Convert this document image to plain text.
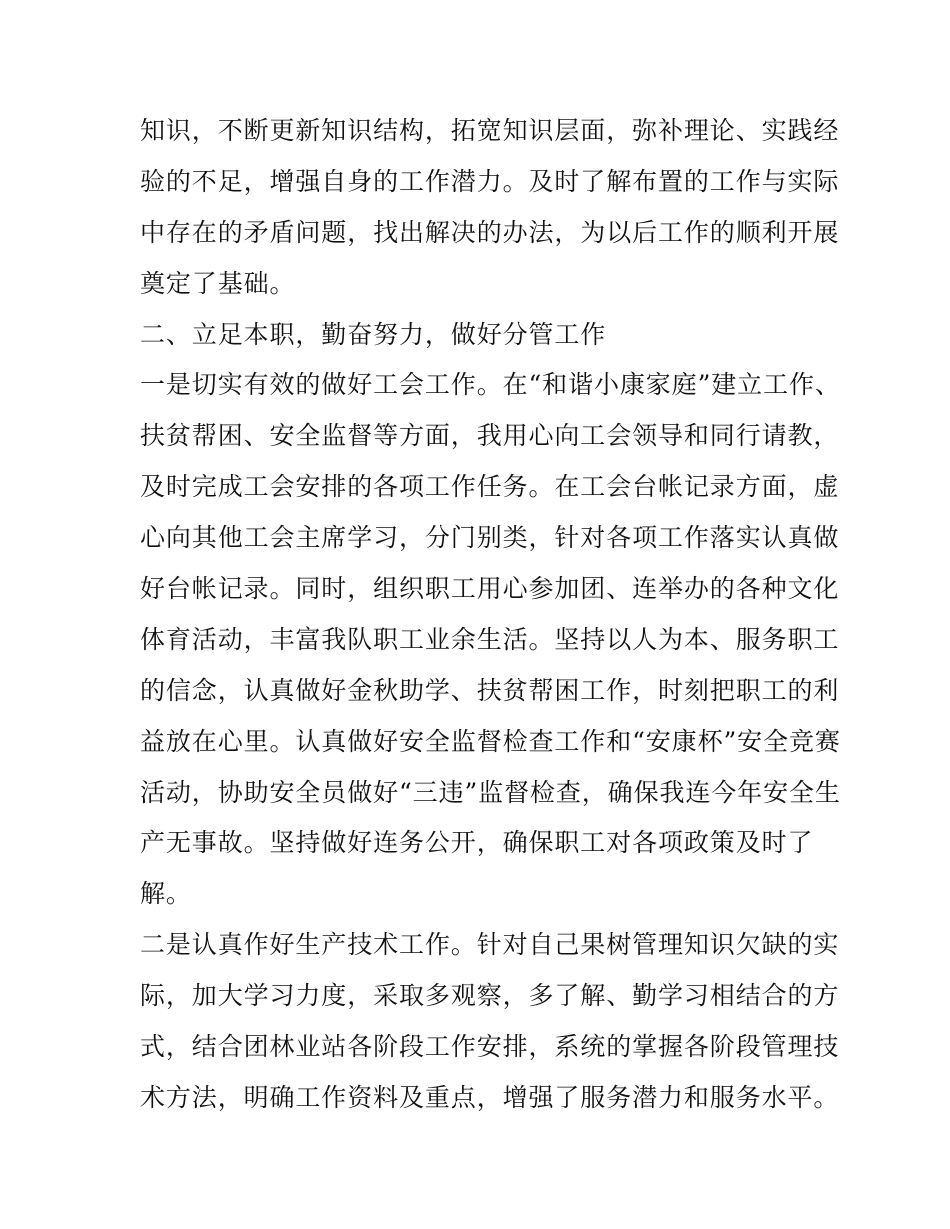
知识，不断更新知识结构，拓宽知识层面，弥补理论、实践经
验的不足，增强自身的工作潜力。及时了解布置的工作与实际
中存在的矛盾问题，找出解决的办法，为以后工作的顺利开展
奠定了基础。
二、立足本职，勤奋努力，做好分管工作
一是切实有效的做好工会工作。在“和谐小康家庭”建立工作、
扶贫帮困、安全监督等方面，我用心向工会领导和同行请教，
及时完成工会安排的各项工作任务。在工会台帐记录方面，虚
心向其他工会主席学习，分门别类，针对各项工作落实认真做
好台帐记录。同时，组织职工用心参加团、连举办的各种文化
体育活动，丰富我队职工业余生活。坚持以人为本、服务职工
的信念，认真做好金秋助学、扶贫帮困工作，时刻把职工的利
益放在心里。认真做好安全监督检查工作和“安康杯”安全竞赛
活动，协助安全员做好“三违”监督检查，确保我连今年安全生
产无事故。坚持做好连务公开，确保职工对各项政策及时了
解。
二是认真作好生产技术工作。针对自己果树管理知识欠缺的实
际，加大学习力度，采取多观察，多了解、勤学习相结合的方
式，结合团林业站各阶段工作安排，系统的掌握各阶段管理技
术方法，明确工作资料及重点，增强了服务潜力和服务水平。
